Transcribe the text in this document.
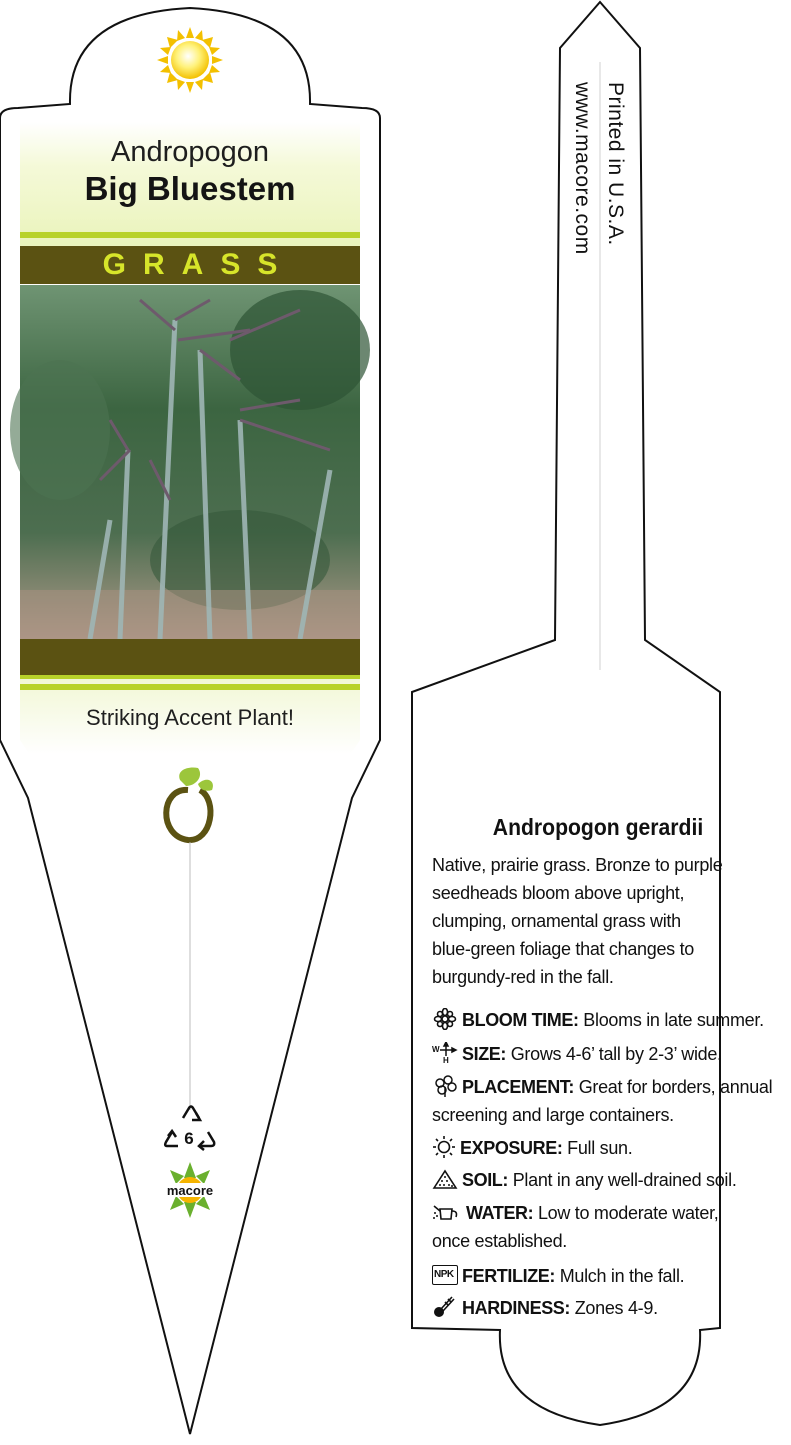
Andropogon
Big Bluestem
GRASS
Striking Accent Plant!
6
macore
Printed in U.S.A.
www.macore.com
Andropogon gerardii
Native, prairie grass. Bronze to purple
seedheads bloom above upright,
clumping, ornamental grass with
blue-green foliage that changes to
burgundy-red in the fall.
BLOOM TIME: Blooms in late summer.
W
H SIZE: Grows 4-6’ tall by 2-3’ wide.
PLACEMENT: Great for borders, annual
screening and large containers.
EXPOSURE: Full sun.
SOIL: Plant in any well-drained soil.
WATER: Low to moderate water,
once established.
NPK FERTILIZE: Mulch in the fall.
HARDINESS: Zones 4-9.
